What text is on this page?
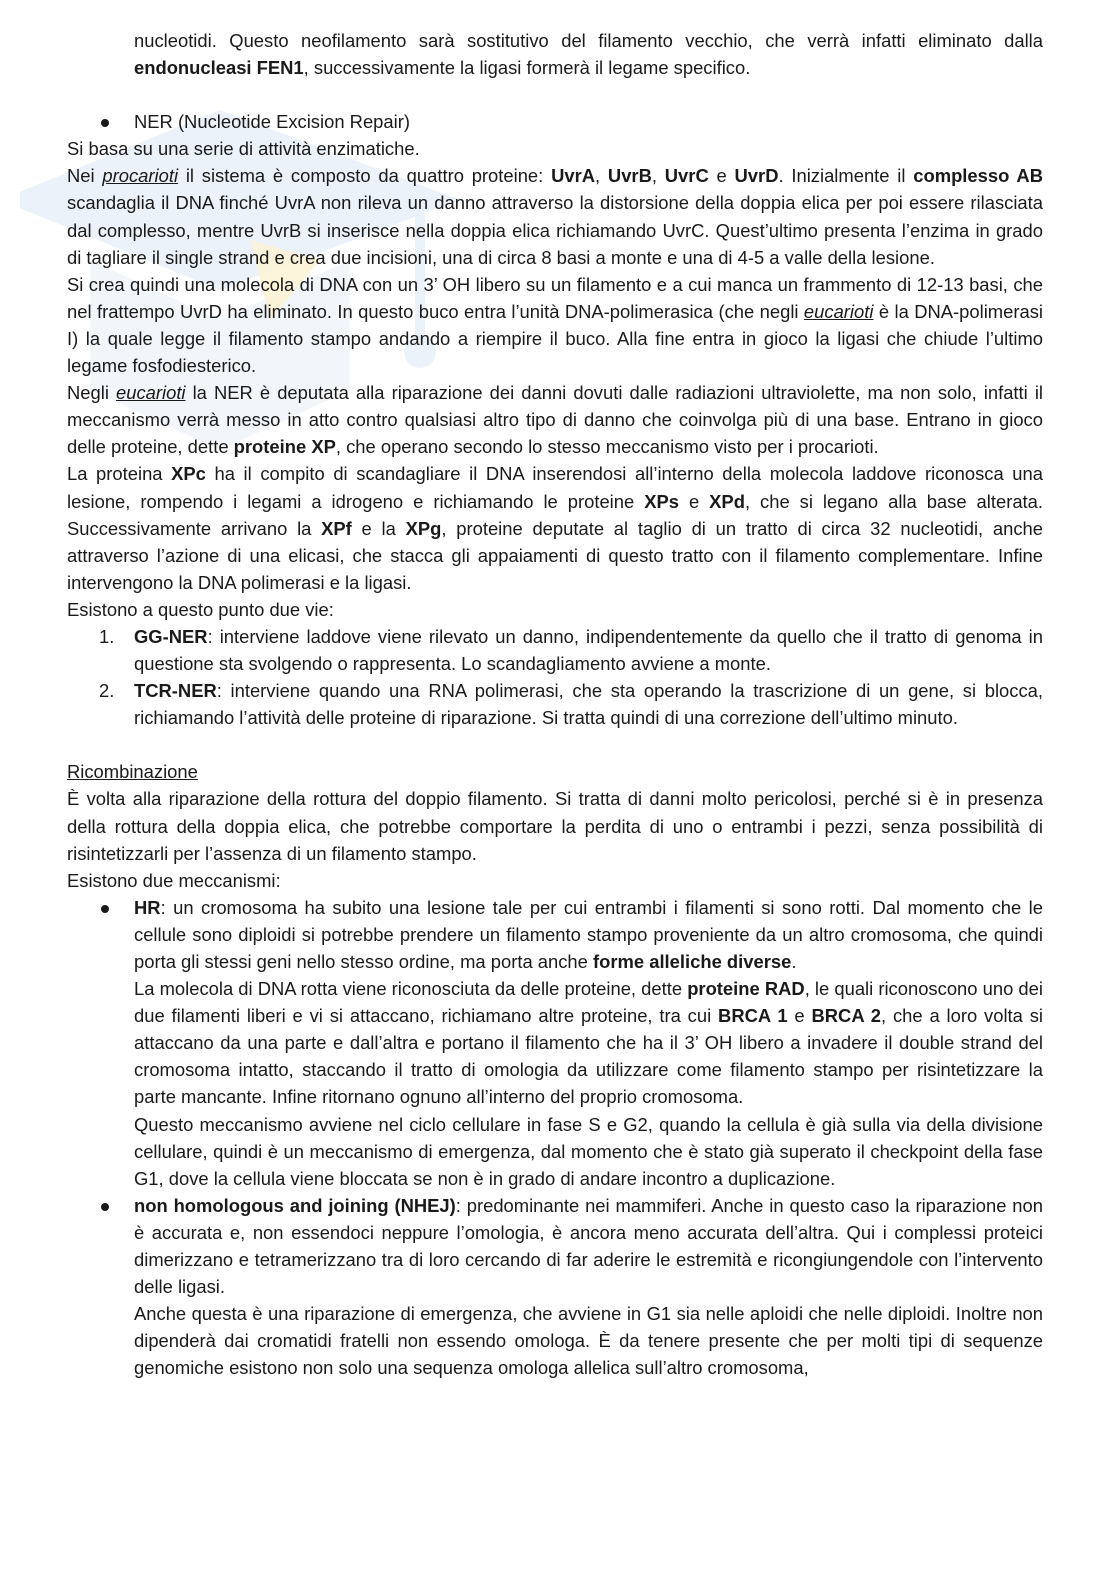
nucleotidi. Questo neofilamento sarà sostitutivo del filamento vecchio, che verrà infatti eliminato dalla endonucleasi FEN1, successivamente la ligasi formerà il legame specifico.

NER (Nucleotide Excision Repair)

Si basa su una serie di attività enzimatiche.

Nei procarioti il sistema è composto da quattro proteine: UvrA, UvrB, UvrC e UvrD. Inizialmente il complesso AB scandaglia il DNA finché UvrA non rileva un danno attraverso la distorsione della doppia elica per poi essere rilasciata dal complesso, mentre UvrB si inserisce nella doppia elica richiamando UvrC. Quest’ultimo presenta l’enzima in grado di tagliare il single strand e crea due incisioni, una di circa 8 basi a monte e una di 4-5 a valle della lesione.

Si crea quindi una molecola di DNA con un 3’ OH libero su un filamento e a cui manca un frammento di 12-13 basi, che nel frattempo UvrD ha eliminato. In questo buco entra l’unità DNA-polimerasica (che negli eucarioti è la DNA-polimerasi I) la quale legge il filamento stampo andando a riempire il buco. Alla fine entra in gioco la ligasi che chiude l’ultimo legame fosfodiesterico.

Negli eucarioti la NER è deputata alla riparazione dei danni dovuti dalle radiazioni ultraviolette, ma non solo, infatti il meccanismo verrà messo in atto contro qualsiasi altro tipo di danno che coinvolga più di una base. Entrano in gioco delle proteine, dette proteine XP, che operano secondo lo stesso meccanismo visto per i procarioti.

La proteina XPc ha il compito di scandagliare il DNA inserendosi all’interno della molecola laddove riconosca una lesione, rompendo i legami a idrogeno e richiamando le proteine XPs e XPd, che si legano alla base alterata. Successivamente arrivano la XPf e la XPg, proteine deputate al taglio di un tratto di circa 32 nucleotidi, anche attraverso l’azione di una elicasi, che stacca gli appaiamenti di questo tratto con il filamento complementare. Infine intervengono la DNA polimerasi e la ligasi.

Esistono a questo punto due vie:

1. GG-NER: interviene laddove viene rilevato un danno, indipendentemente da quello che il tratto di genoma in questione sta svolgendo o rappresenta. Lo scandagliamento avviene a monte.

2. TCR-NER: interviene quando una RNA polimerasi, che sta operando la trascrizione di un gene, si blocca, richiamando l’attività delle proteine di riparazione. Si tratta quindi di una correzione dell’ultimo minuto.

Ricombinazione

È volta alla riparazione della rottura del doppio filamento. Si tratta di danni molto pericolosi, perché si è in presenza della rottura della doppia elica, che potrebbe comportare la perdita di uno o entrambi i pezzi, senza possibilità di risintetizzarli per l’assenza di un filamento stampo.

Esistono due meccanismi:

HR: un cromosoma ha subito una lesione tale per cui entrambi i filamenti si sono rotti. Dal momento che le cellule sono diploidi si potrebbe prendere un filamento stampo proveniente da un altro cromosoma, che quindi porta gli stessi geni nello stesso ordine, ma porta anche forme alleliche diverse.

La molecola di DNA rotta viene riconosciuta da delle proteine, dette proteine RAD, le quali riconoscono uno dei due filamenti liberi e vi si attaccano, richiamano altre proteine, tra cui BRCA 1 e BRCA 2, che a loro volta si attaccano da una parte e dall’altra e portano il filamento che ha il 3’ OH libero a invadere il double strand del cromosoma intatto, staccando il tratto di omologia da utilizzare come filamento stampo per risintetizzare la parte mancante. Infine ritornano ognuno all’interno del proprio cromosoma.

Questo meccanismo avviene nel ciclo cellulare in fase S e G2, quando la cellula è già sulla via della divisione cellulare, quindi è un meccanismo di emergenza, dal momento che è stato già superato il checkpoint della fase G1, dove la cellula viene bloccata se non è in grado di andare incontro a duplicazione.

non homologous and joining (NHEJ): predominante nei mammiferi. Anche in questo caso la riparazione non è accurata e, non essendoci neppure l’omologia, è ancora meno accurata dell’altra. Qui i complessi proteici dimerizzano e tetramerizzano tra di loro cercando di far aderire le estremità e ricongiungendole con l’intervento delle ligasi.

Anche questa è una riparazione di emergenza, che avviene in G1 sia nelle aploidi che nelle diploidi. Inoltre non dipenderà dai cromatidi fratelli non essendo omologa. È da tenere presente che per molti tipi di sequenze genomiche esistono non solo una sequenza omologa allelica sull’altro cromosoma,
